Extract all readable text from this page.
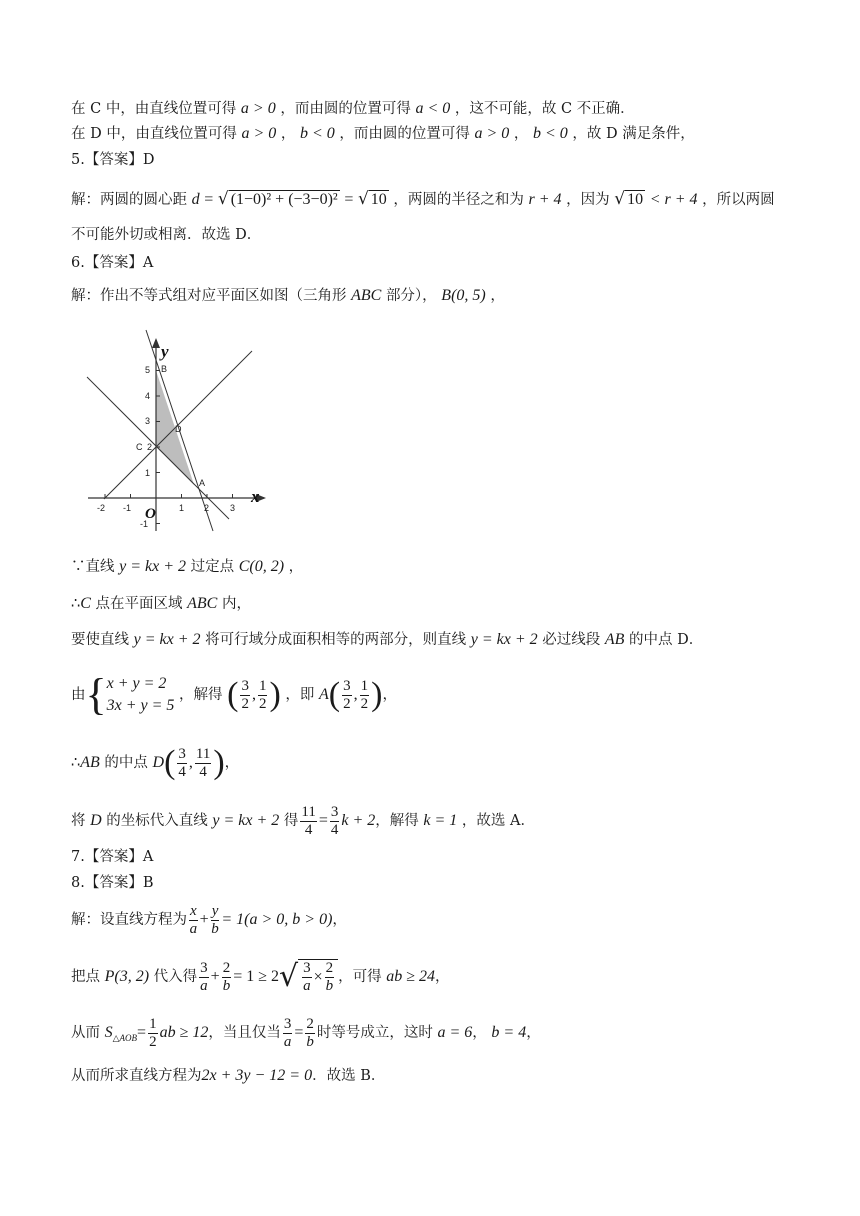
在 C 中，由直线位置可得 a > 0 ，而由圆的位置可得 a < 0 ，这不可能，故 C 不正确．
在 D 中，由直线位置可得 a > 0 ， b < 0 ，而由圆的位置可得 a > 0 ， b < 0 ，故 D 满足条件，
5.【答案】D
解：两圆的圆心距 d = √ (1−0)² + (−3−0)² = √ 10 ，两圆的半径之和为 r + 4 ，因为 √ 10 < r + 4 ，所以两圆
不可能外切或相离．故选 D．
6.【答案】A
解：作出不等式组对应平面区如图（三角形 ABC 部分）， B(0, 5) ，
-2 -1	1 2 3
5
4
3
2
1
-1
B
C
D
A
y
x
O
∵直线 y = kx + 2 过定点 C(0, 2) ，
∴C 点在平面区域 ABC 内，
要使直线 y = kx + 2 将可行域分成面积相等的两部分，则直线 y = kx + 2 必过线段 AB 的中点 D．
由{ x + y = 2
3x + y = 5
，解得 ( $\frac{3}{2}$ , $\frac{1}{2}$ ) ，即 $A( \frac{3}{2}$ , $\frac{1}{2}$ )，
∴AB 的中点 $D( \frac{3}{4}$ , $\frac{11}{4}$ )，
将 D 的坐标代入直线 y = kx + 2 得 $\frac{11}{4} = \frac{3}{4}$ k + 2，解得 k = 1 ，故选 A．
7.【答案】A
8.【答案】B
解：设直线方程为 $\frac{x}{a} + \frac{y}{b} = 1(a > 0$, b > 0)，
把点 P(3, 2) 代入得 $\frac{3}{a} + \frac{2}{b} = 1 \ge 2√ \frac{3}{a} \times \frac{2}{b}$ ，可得 ab ≥ 24，
从而 $S_{\triangle AOB}= \frac{1}{2}$ ab ≥ 12，当且仅当 $\frac{3}{a} = \frac{2}{b}$ 时等号成立，这时 a = 6， b = 4，
从而所求直线方程为2x + 3y − 12 = 0．故选 B．
